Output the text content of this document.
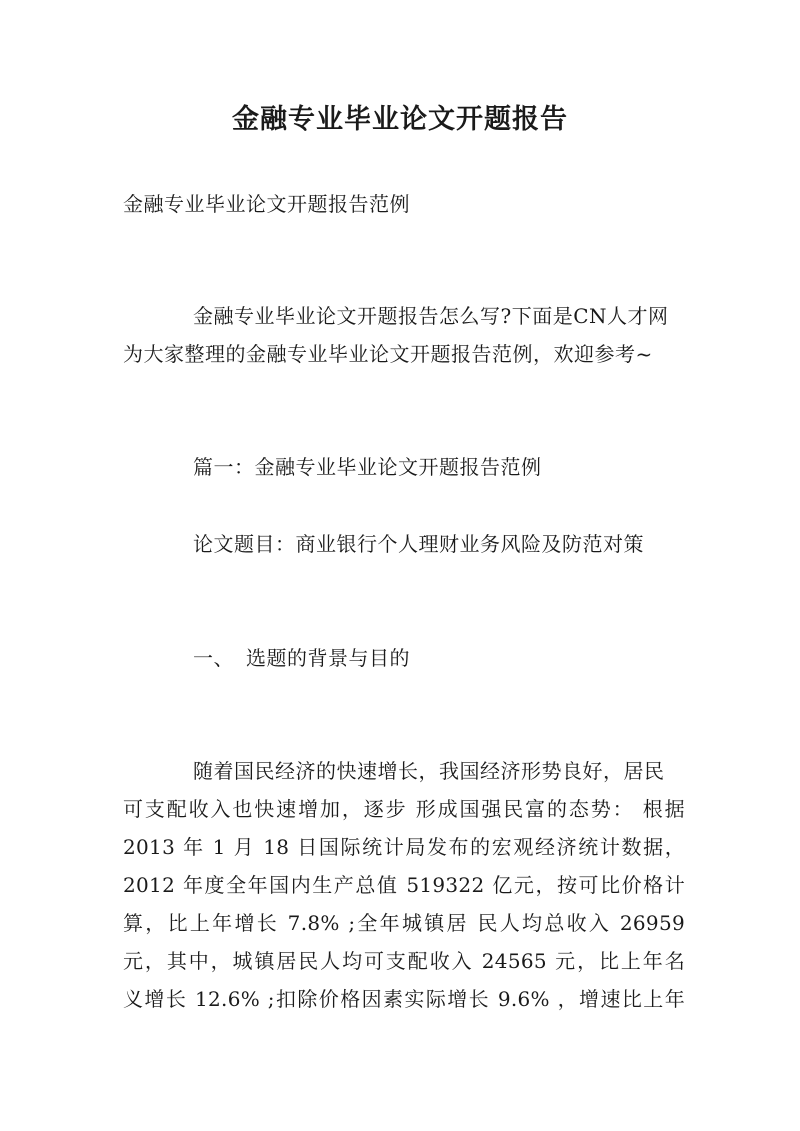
金融专业毕业论文开题报告
金融专业毕业论文开题报告范例
金融专业毕业论文开题报告怎么写?下面是CN人才网
为大家整理的金融专业毕业论文开题报告范例，欢迎参考~
篇一：金融专业毕业论文开题报告范例
论文题目：商业银行个人理财业务风险及防范对策
一、 选题的背景与目的
随着国民经济的快速增长，我国经济形势良好，居民
可支配收入也快速增加，逐步 形成国强民富的态势： 根据
2013 年 1 月 18 日国际统计局发布的宏观经济统计数据，
2012 年度全年国内生产总值 519322 亿元，按可比价格计
算，比上年增长 7.8% ;全年城镇居 民人均总收入 26959
元，其中，城镇居民人均可支配收入 24565 元，比上年名
义增长 12.6% ;扣除价格因素实际增长 9.6% ，增速比上年
